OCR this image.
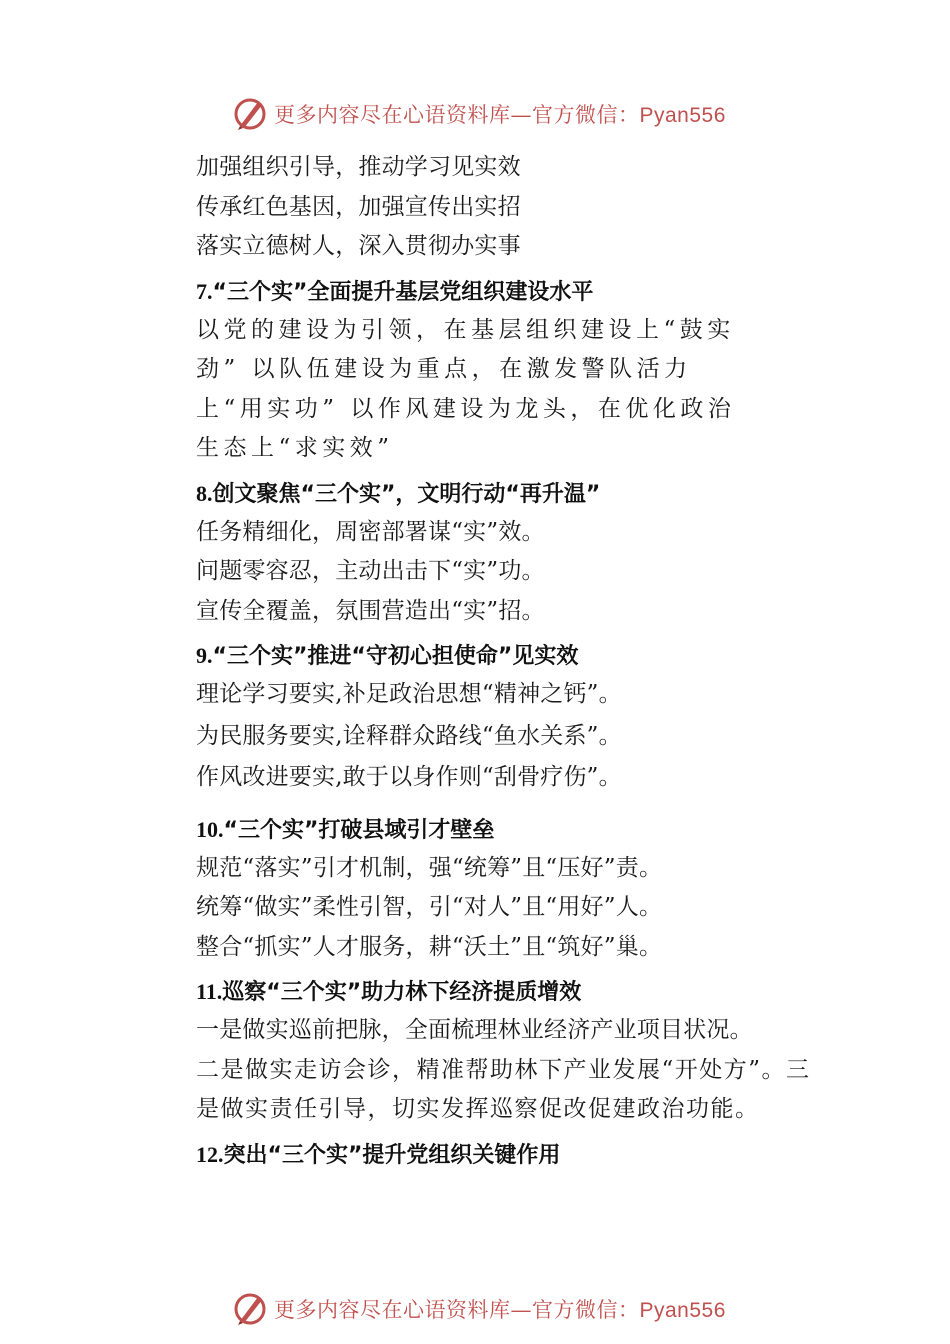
更多内容尽在心语资料库—官方微信：Pyan556
加强组织引导，推动学习见实效
传承红色基因，加强宣传出实招
落实立德树人，深入贯彻办实事
7.“三个实”全面提升基层党组织建设水平
以党的建设为引领，在基层组织建设上“鼓实劲” 以队伍建设为重点，在激发警队活力上“用实功” 以作风建设为龙头，在优化政治生态上“求实效”
8.创文聚焦“三个实”，文明行动“再升温”
任务精细化，周密部署谋“实”效。
问题零容忍，主动出击下“实”功。
宣传全覆盖，氛围营造出“实”招。
9.“三个实”推进“守初心担使命”见实效
理论学习要实,补足政治思想“精神之钙”。
为民服务要实,诠释群众路线“鱼水关系”。
作风改进要实,敢于以身作则“刮骨疗伤”。
10.“三个实”打破县域引才壁垒
规范“落实”引才机制，强“统筹”且“压好”责。
统筹“做实”柔性引智，引“对人”且“用好”人。
整合“抓实”人才服务，耕“沃土”且“筑好”巢。
11.巡察“三个实”助力林下经济提质增效
一是做实巡前把脉，全面梳理林业经济产业项目状况。
二是做实走访会诊，精准帮助林下产业发展“开处方”。三是做实责任引导，切实发挥巡察促改促建政治功能。
12.突出“三个实”提升党组织关键作用
更多内容尽在心语资料库—官方微信：Pyan556
